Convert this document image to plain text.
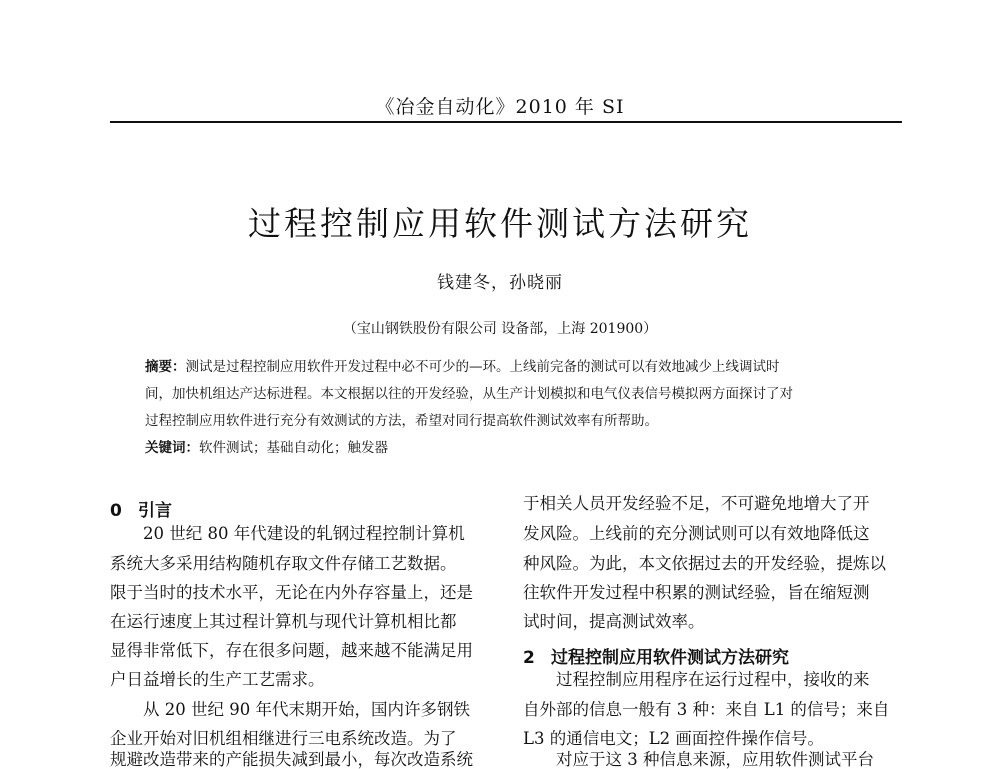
《冶金自动化》2010 年 SI
过程控制应用软件测试方法研究
钱建冬，孙晓丽
（宝山钢铁股份有限公司 设备部，上海 201900）
摘要：测试是过程控制应用软件开发过程中必不可少的—环。上线前完备的测试可以有效地减少上线调试时
间，加快机组达产达标进程。本文根据以往的开发经验，从生产计划模拟和电气仪表信号模拟两方面探讨了对
过程控制应用软件进行充分有效测试的方法，希望对同行提高软件测试效率有所帮助。
关键词：软件测试；基础自动化；触发器
0 引言
20 世纪 80 年代建设的轧钢过程控制计算机
系统大多采用结构随机存取文件存储工艺数据。
限于当时的技术水平，无论在内外存容量上，还是
在运行速度上其过程计算机与现代计算机相比都
显得非常低下，存在很多问题，越来越不能满足用
户日益增长的生产工艺需求。
从 20 世纪 90 年代末期开始，国内许多钢铁
企业开始对旧机组相继进行三电系统改造。为了
规避改造带来的产能损失减到最小，每次改造系统
于相关人员开发经验不足，不可避免地增大了开
发风险。上线前的充分测试则可以有效地降低这
种风险。为此，本文依据过去的开发经验，提炼以
往软件开发过程中积累的测试经验，旨在缩短测
试时间，提高测试效率。
2 过程控制应用软件测试方法研究
过程控制应用程序在运行过程中，接收的来
自外部的信息一般有 3 种：来自 L1 的信号；来自
L3 的通信电文；L2 画面控件操作信号。
对应于这 3 种信息来源，应用软件测试平台
